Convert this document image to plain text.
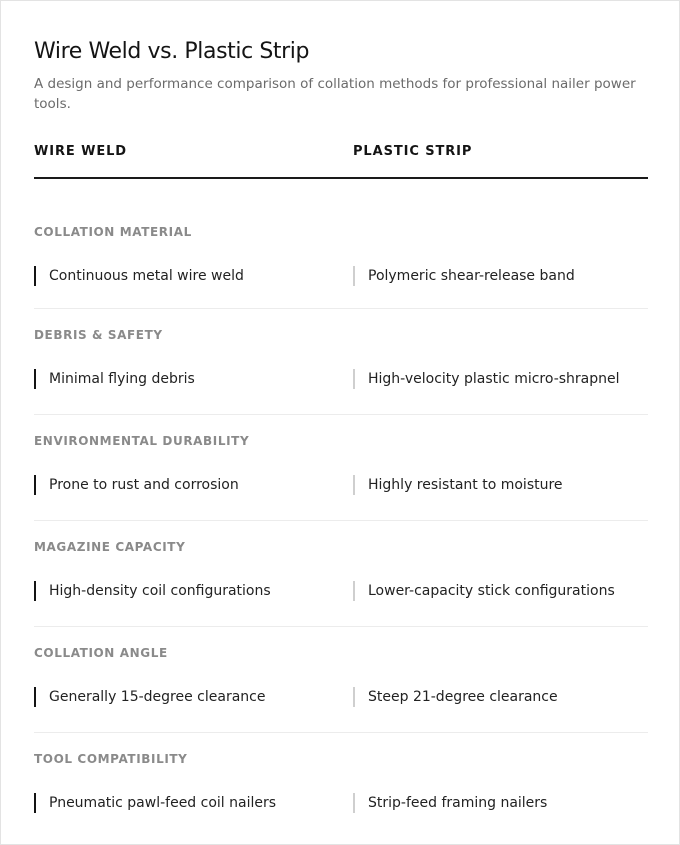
Wire Weld vs. Plastic Strip
A design and performance comparison of collation methods for professional nailer power tools.
WIRE WELD	PLASTIC STRIP
COLLATION MATERIAL
Continuous metal wire weld	Polymeric shear-release band
DEBRIS & SAFETY
Minimal flying debris	High-velocity plastic micro-shrapnel
ENVIRONMENTAL DURABILITY
Prone to rust and corrosion	Highly resistant to moisture
MAGAZINE CAPACITY
High-density coil configurations	Lower-capacity stick configurations
COLLATION ANGLE
Generally 15-degree clearance	Steep 21-degree clearance
TOOL COMPATIBILITY
Pneumatic pawl-feed coil nailers	Strip-feed framing nailers
